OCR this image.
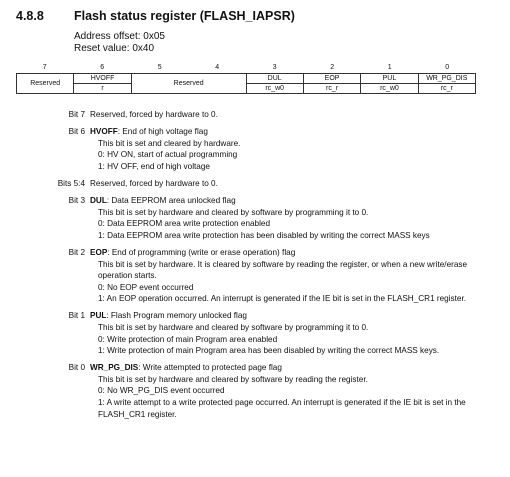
4.8.8 Flash status register (FLASH_IAPSR)
Address offset: 0x05
Reset value: 0x40
7	6	5	4	3	2	1	0
Reserved	HVOFF	Reserved	DUL	EOP	PUL	WR_PG_DIS
	r		rc_w0	rc_r	rc_w0	rc_r
Bit 7 Reserved, forced by hardware to 0.
Bit 6 HVOFF: End of high voltage flag
This bit is set and cleared by hardware.
0: HV ON, start of actual programming
1: HV OFF, end of high voltage
Bits 5:4 Reserved, forced by hardware to 0.
Bit 3 DUL: Data EEPROM area unlocked flag
This bit is set by hardware and cleared by software by programming it to 0.
0: Data EEPROM area write protection enabled
1: Data EEPROM area write protection has been disabled by writing the correct MASS keys
Bit 2 EOP: End of programming (write or erase operation) flag
This bit is set by hardware. It is cleared by software by reading the register, or when a new write/erase operation starts.
0: No EOP event occurred
1: An EOP operation occurred. An interrupt is generated if the IE bit is set in the FLASH_CR1 register.
Bit 1 PUL: Flash Program memory unlocked flag
This bit is set by hardware and cleared by software by programming it to 0.
0: Write protection of main Program area enabled
1: Write protection of main Program area has been disabled by writing the correct MASS keys.
Bit 0 WR_PG_DIS: Write attempted to protected page flag
This bit is set by hardware and cleared by software by reading the register.
0: No WR_PG_DIS event occurred
1: A write attempt to a write protected page occurred. An interrupt is generated if the IE bit is set in the FLASH_CR1 register.
